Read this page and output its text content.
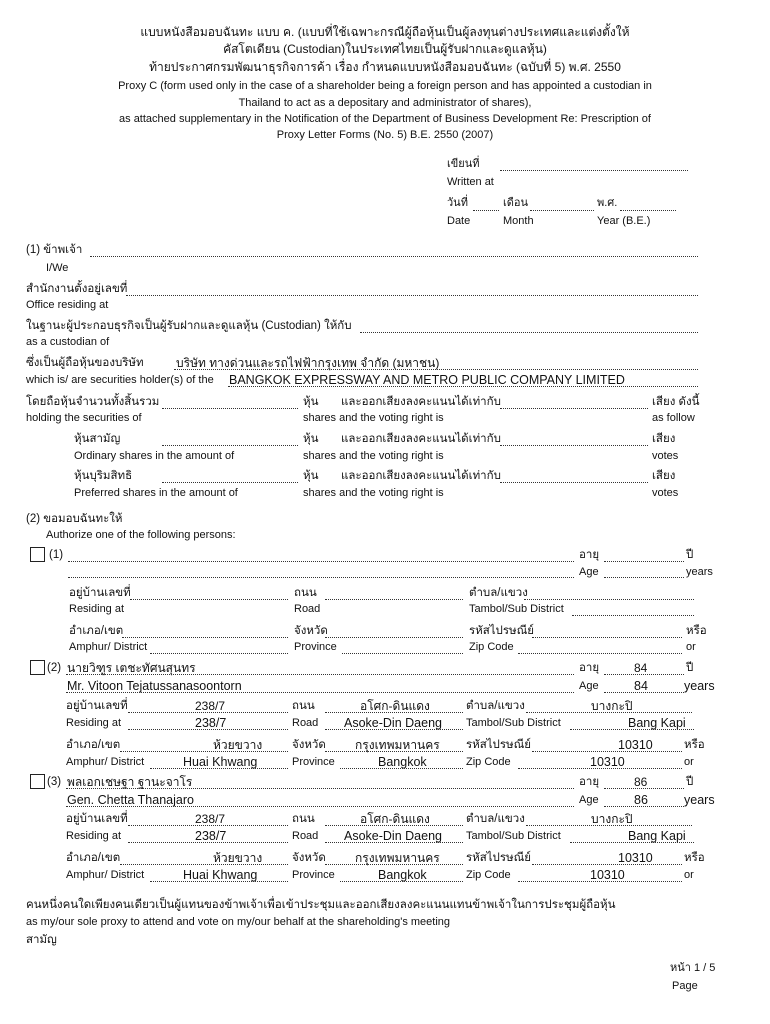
แบบหนังสือมอบฉันทะ แบบ ค. (แบบที่ใช้เฉพาะกรณีผู้ถือหุ้นเป็นผู้ลงทุนต่างประเทศและแต่งตั้งให้
คัสโตเดียน (Custodian)ในประเทศไทยเป็นผู้รับฝากและดูแลหุ้น)
ท้ายประกาศกรมพัฒนาธุรกิจการค้า เรื่อง กำหนดแบบหนังสือมอบฉันทะ (ฉบับที่ 5) พ.ศ. 2550
Proxy C (form used only in the case of a shareholder being a foreign person and has appointed a custodian in
Thailand to act as a depositary and administrator of shares),
as attached supplementary in the Notification of the Department of Business Development Re: Prescription of
Proxy Letter Forms (No. 5) B.E. 2550 (2007)
เขียนที่
Written at
วันที่	เดือน	พ.ศ.
Date	Month	Year (B.E.)
(1) ข้าพเจ้า
I/We
สำนักงานตั้งอยู่เลขที่
Office residing at
ในฐานะผู้ประกอบธุรกิจเป็นผู้รับฝากและดูแลหุ้น (Custodian) ให้กับ
as a custodian of
ซึ่งเป็นผู้ถือหุ้นของบริษัท	บริษัท ทางด่วนและรถไฟฟ้ากรุงเทพ จำกัด (มหาชน)
which is/ are securities holder(s) of the BANGKOK EXPRESSWAY AND METRO PUBLIC COMPANY LIMITED
โดยถือหุ้นจำนวนทั้งสิ้นรวม	หุ้น และออกเสียงลงคะแนนได้เท่ากับ	เสียง ดังนี้
holding the securities of	shares and the voting right is	as follow
หุ้นสามัญ	หุ้น และออกเสียงลงคะแนนได้เท่ากับ	เสียง
Ordinary shares in the amount of	shares and the voting right is	votes
หุ้นบุริมสิทธิ	หุ้น และออกเสียงลงคะแนนได้เท่ากับ	เสียง
Preferred shares in the amount of	shares and the voting right is	votes
(2) ขอมอบฉันทะให้
Authorize one of the following persons:
(1)	อายุ	ปี
Age	years
อยู่บ้านเลขที่	ถนน	ตำบล/แขวง
Residing at	Road	Tambol/Sub District
อำเภอ/เขต	จังหวัด	รหัสไปรษณีย์	หรือ
Amphur/ District	Province	Zip Code	or
(2) นายวิฑูร เตชะทัศนสุนทร	อายุ	84	ปี
Mr. Vitoon Tejatussanasoontorn	Age	84	years
อยู่บ้านเลขที่	238/7	ถนน	อโศก-ดินแดง	ตำบล/แขวง	บางกะปิ
Residing at	238/7	Road Asoke-Din Daeng Tambol/Sub District	Bang Kapi
อำเภอ/เขต	ห้วยขวาง	จังหวัด กรุงเทพมหานคร รหัสไปรษณีย์	10310	หรือ
Amphur/ District	Huai Khwang	Province	Bangkok	Zip Code	10310	or
(3) พลเอกเชษฐา ฐานะจาโร	อายุ	86	ปี
Gen. Chetta Thanajaro	Age	86	years
อยู่บ้านเลขที่	238/7	ถนน	อโศก-ดินแดง	ตำบล/แขวง	บางกะปิ
Residing at	238/7	Road Asoke-Din Daeng Tambol/Sub District	Bang Kapi
อำเภอ/เขต	ห้วยขวาง	จังหวัด กรุงเทพมหานคร รหัสไปรษณีย์	10310	หรือ
Amphur/ District	Huai Khwang	Province	Bangkok	Zip Code	10310	or
คนหนึ่งคนใดเพียงคนเดียวเป็นผู้แทนของข้าพเจ้าเพื่อเข้าประชุมและออกเสียงลงคะแนนแทนข้าพเจ้าในการประชุมผู้ถือหุ้น
as my/our sole proxy to attend and vote on my/our behalf at the shareholding's meeting
สามัญ
หน้า 1 / 5
Page
